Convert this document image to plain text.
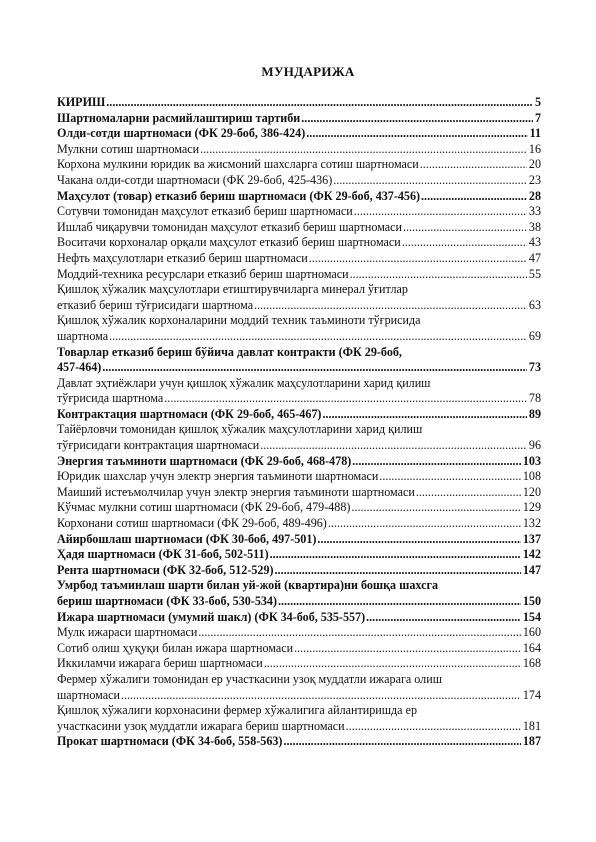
МУНДАРИЖА
КИРИШ .....	5
Шартномаларни расмийлаштириш тартиби .....	7
Олди-сотди шартномаси (ФК 29-боб, 386-424) .....	11
Мулкни сотиш шартномаси .....	16
Корхона мулкини юридик ва жисмоний шахсларга сотиш шартномаси .....	20
Чакана олди-сотди шартномаси (ФК 29-боб, 425-436) .....	23
Маҳсулот (товар) етказиб бериш шартномаси (ФК 29-боб, 437-456) .....	28
Сотувчи томонидан маҳсулот етказиб бериш шартномаси .....	33
Ишлаб чиқарувчи томонидан маҳсулот етказиб бериш шартномаси .....	38
Воситачи корхоналар орқали маҳсулот етказиб бериш шартномаси .....	43
Нефть маҳсулотлари етказиб бериш шартномаси .....	47
Моддий-техника ресурслари етказиб бериш шартномаси .....	55
Қишлоқ хўжалик маҳсулотлари етиштирувчиларга минерал ўғитлар
етказиб бериш тўғрисидаги шартнома .....	63
Қишлоқ хўжалик корхоналарини моддий техник таъминоти тўғрисида
шартнома .....	69
Товарлар етказиб бериш бўйича давлат контракти (ФК 29-боб,
457-464) .....	73
Давлат эҳтиёжлари учун қишлоқ хўжалик маҳсулотларини харид қилиш
тўғрисида шартнома .....	78
Контрактация шартномаси (ФК 29-боб, 465-467) .....	89
Тайёрловчи томонидан қишлоқ хўжалик маҳсулотларини харид қилиш
тўғрисидаги контрактация шартномаси .....	96
Энергия таъминоти шартномаси (ФК 29-боб, 468-478) .....	103
Юридик шахслар учун электр энергия таъминоти шартномаси .....	108
Маиший истеъмолчилар учун электр энергия таъминоти шартномаси .....	120
Кўчмас мулкни сотиш шартномаси (ФК 29-боб, 479-488) .....	129
Корхонани сотиш шартномаси (ФК 29-боб, 489-496) .....	132
Айирбошлаш шартномаси (ФК 30-боб, 497-501) .....	137
Ҳадя шартномаси (ФК 31-боб, 502-511) .....	142
Рента шартномаси (ФК 32-боб, 512-529) .....	147
Умрбод таъминлаш шарти билан уй-жой (квартира)ни бошқа шахсга
бериш шартномаси (ФК 33-боб, 530-534) .....	150
Ижара шартномаси (умумий шакл) (ФК 34-боб, 535-557) .....	154
Мулк ижараси шартномаси .....	160
Сотиб олиш ҳуқуқи билан ижара шартномаси .....	164
Иккиламчи ижарага бериш шартномаси .....	168
Фермер хўжалиги томонидан ер участкасини узоқ муддатли ижарага олиш
шартномаси .....	174
Қишлоқ хўжалиги корхонасини фермер хўжалигига айлантиришда ер
участкасини узоқ муддатли ижарага бериш шартномаси .....	181
Прокат шартномаси (ФК 34-боб, 558-563) .....	187
